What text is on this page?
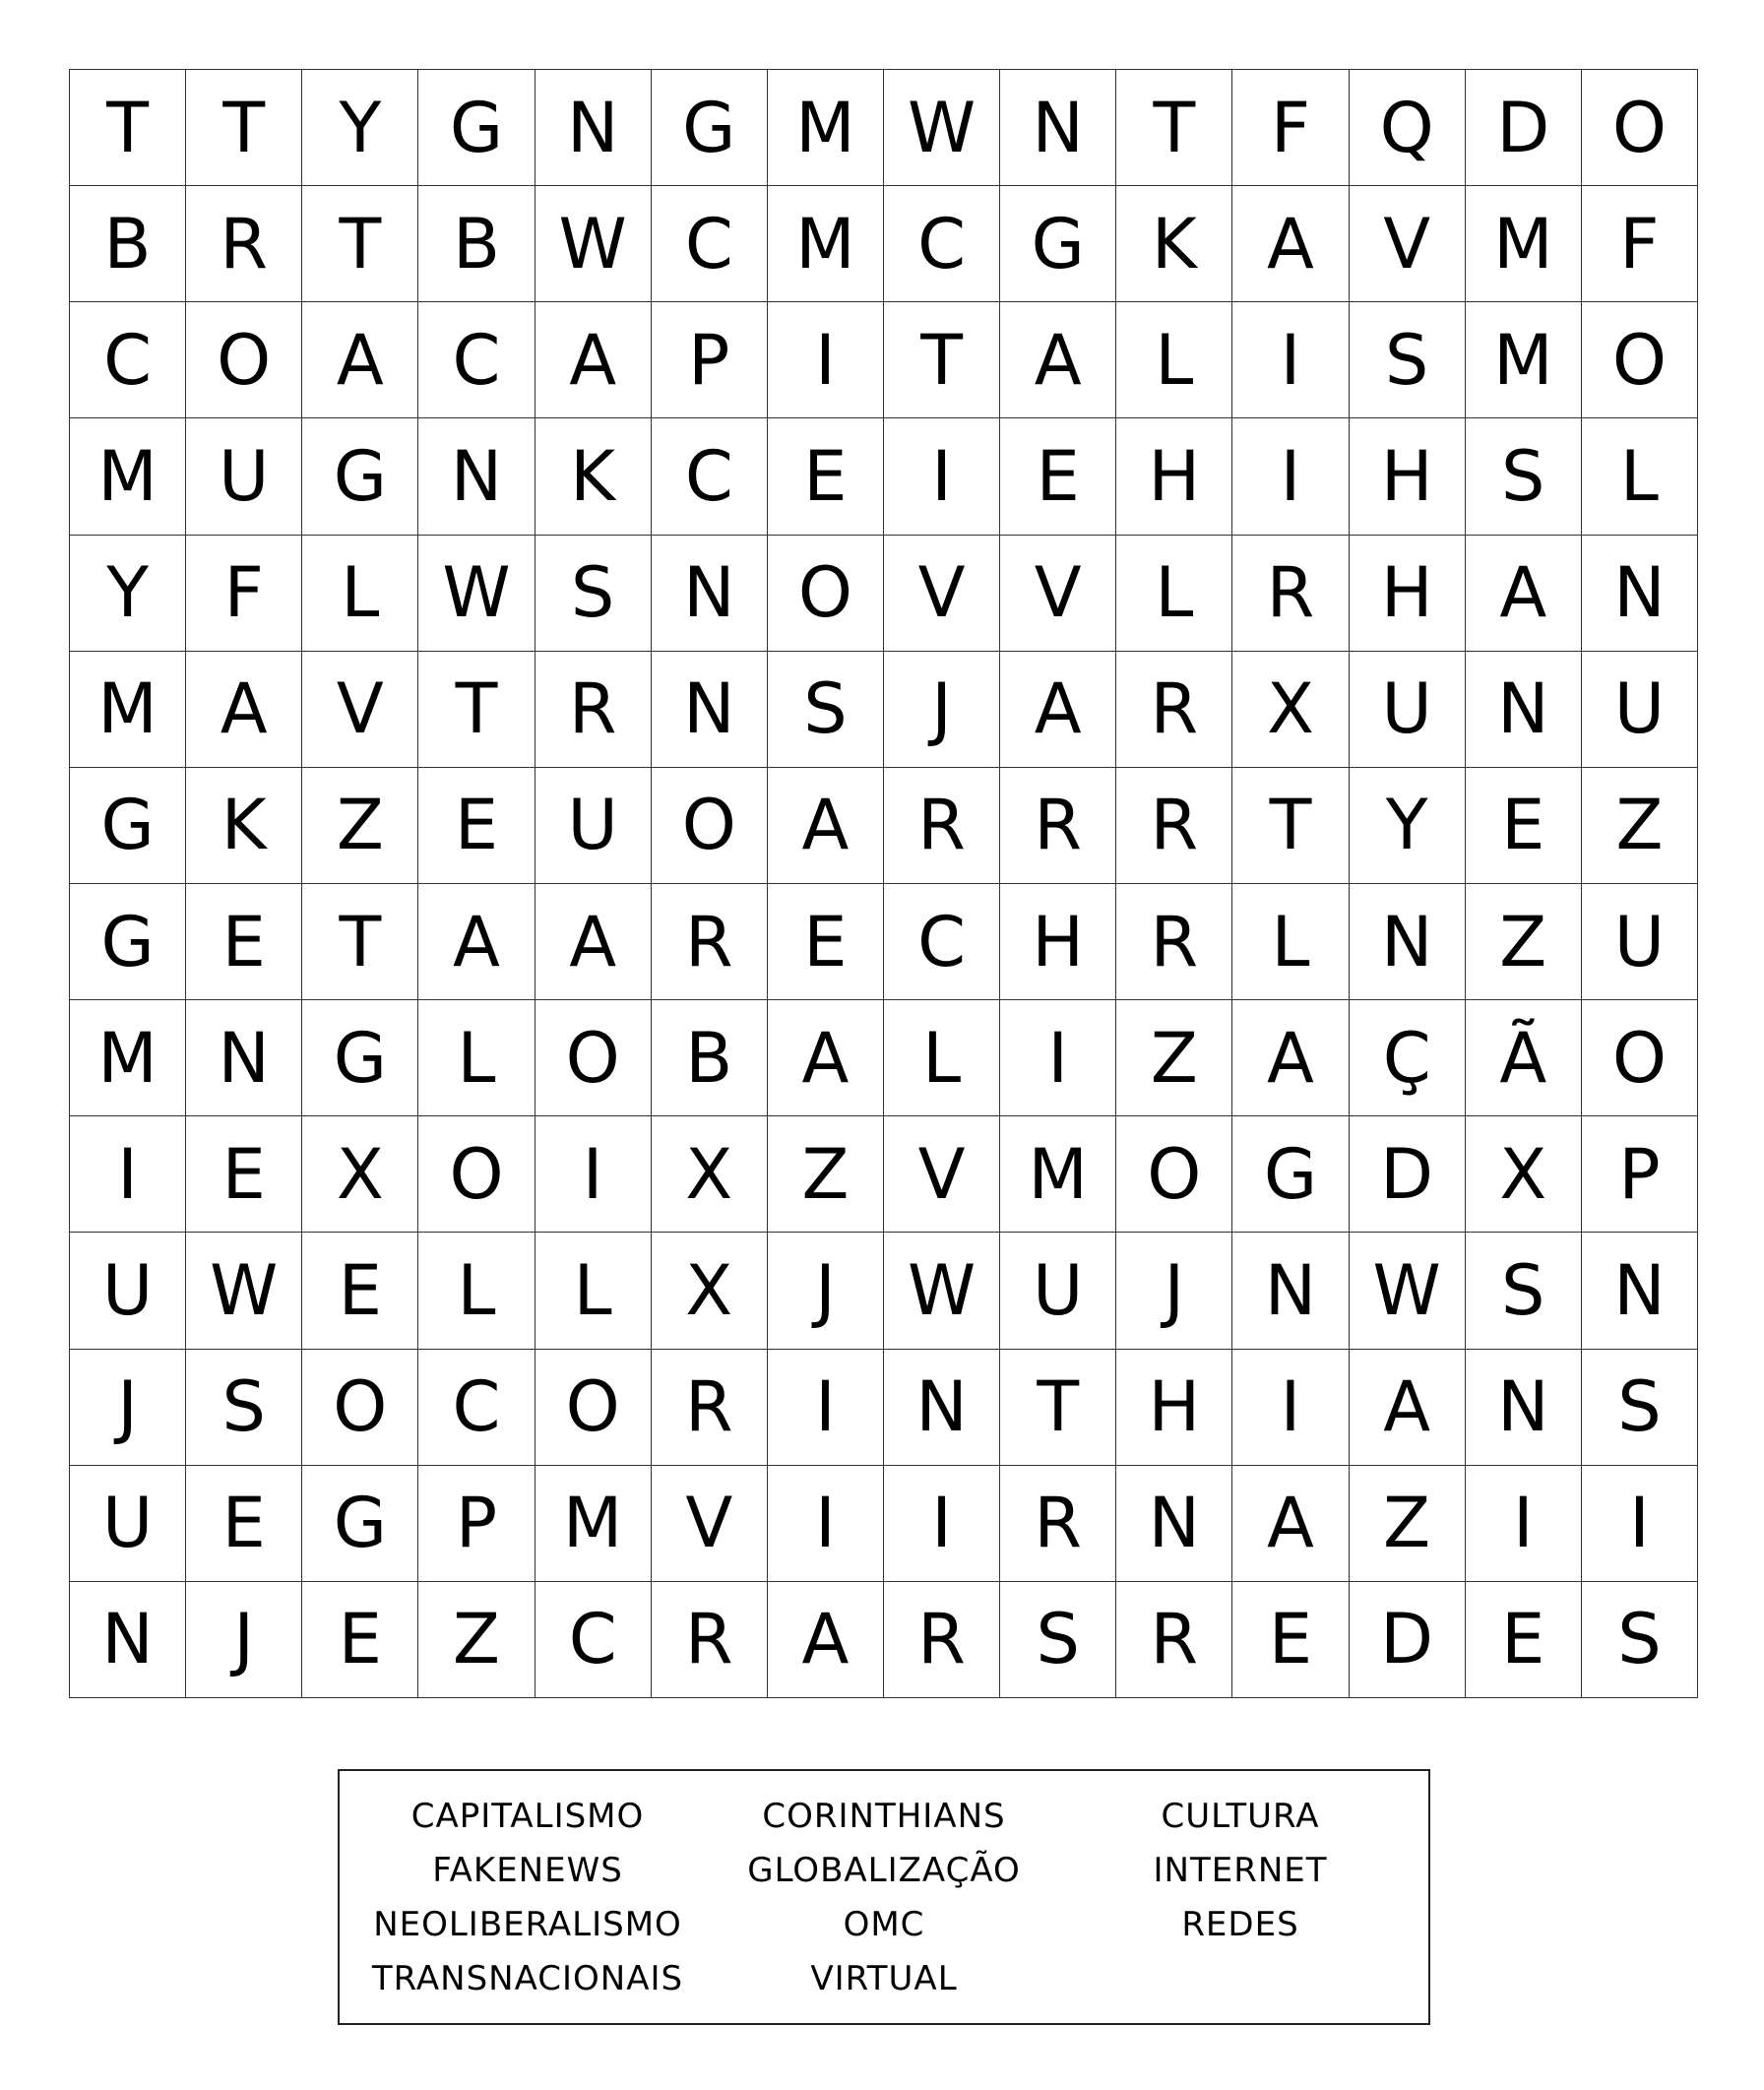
T	T	Y G N G M W N	T	F	Q D O
B R	T	B W C M C G K	A	V M F
C O A C A	P	I	T	A	L	I	S M O
M U G N K	C	E	I	E H	I	H S	L
Y	F	L W S N O V	V	L	R H A N
M A	V	T	R N S	J	A R X U N U
G K	Z	E	U O A R R R	T	Y	E	Z
G E	T	A	A R	E	C H R	L	N Z U
M N G	L	O B	A	L	I	Z	A Ç Ã O
I	E	X O	I	X	Z	V M O G D X	P
U W E	L	L	X	J	W U	J	N W S N
J	S O C O R	I	N	T	H	I	A N S
U	E G P M V	I	I	R N A	Z	I	I
N	J	E	Z C R A R	S	R	E D E	S
CAPITALISMO	CORINTHIANS	CULTURA
FAKENEWS	GLOBALIZAÇÃO	INTERNET
NEOLIBERALISMO	OMC	REDES
TRANSNACIONAIS	VIRTUAL
